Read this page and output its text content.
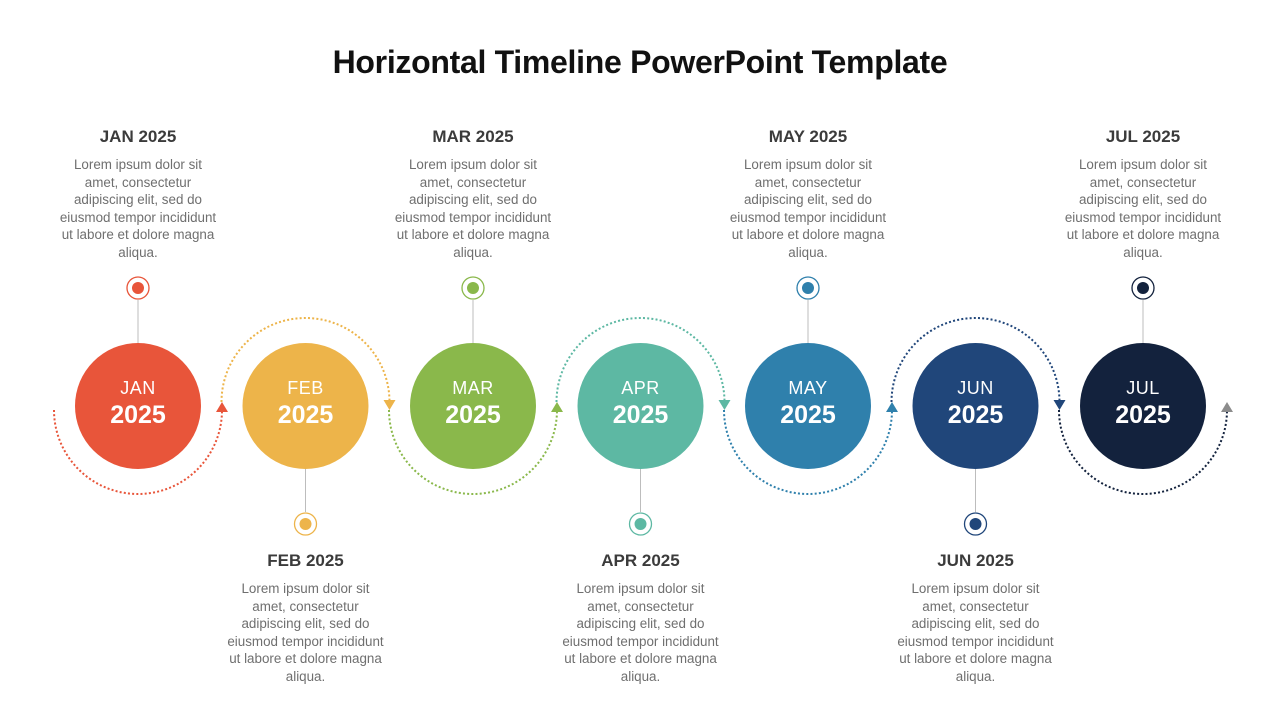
Horizontal Timeline PowerPoint Template
JAN
2025
JAN 2025
Lorem ipsum dolor sit amet, consectetur adipiscing elit, sed do eiusmod tempor incididunt ut labore et dolore magna aliqua.
FEB
2025
FEB 2025
Lorem ipsum dolor sit amet, consectetur adipiscing elit, sed do eiusmod tempor incididunt ut labore et dolore magna aliqua.
MAR
2025
MAR 2025
Lorem ipsum dolor sit amet, consectetur adipiscing elit, sed do eiusmod tempor incididunt ut labore et dolore magna aliqua.
APR
2025
APR 2025
Lorem ipsum dolor sit amet, consectetur adipiscing elit, sed do eiusmod tempor incididunt ut labore et dolore magna aliqua.
MAY
2025
MAY 2025
Lorem ipsum dolor sit amet, consectetur adipiscing elit, sed do eiusmod tempor incididunt ut labore et dolore magna aliqua.
JUN
2025
JUN 2025
Lorem ipsum dolor sit amet, consectetur adipiscing elit, sed do eiusmod tempor incididunt ut labore et dolore magna aliqua.
JUL
2025
JUL 2025
Lorem ipsum dolor sit amet, consectetur adipiscing elit, sed do eiusmod tempor incididunt ut labore et dolore magna aliqua.
